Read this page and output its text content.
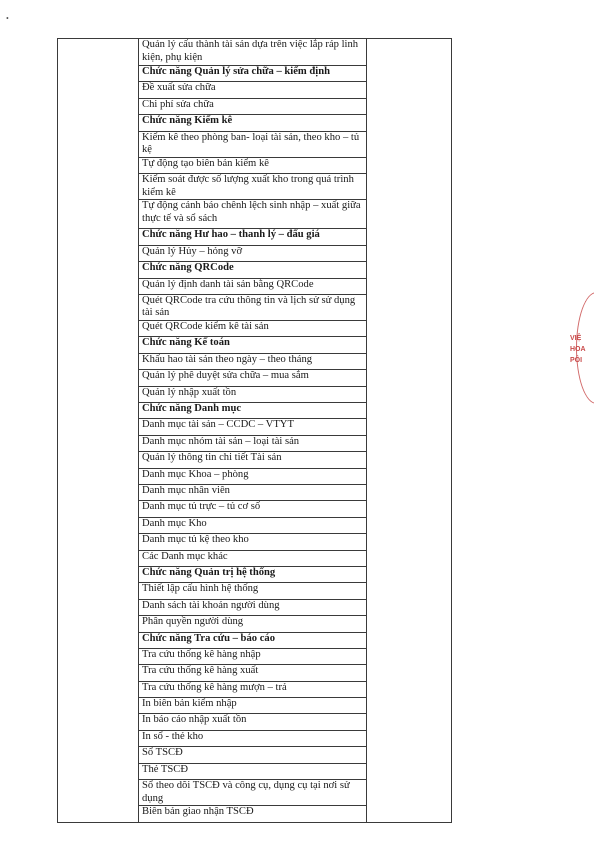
•

Quản lý cấu thành tài sản dựa trên việc lắp ráp linh kiện, phụ kiện

Chức năng Quản lý sửa chữa – kiểm định

Đề xuất sửa chữa

Chi phí sửa chữa

Chức năng Kiểm kê

Kiểm kê theo phòng ban- loại tài sản, theo kho – tủ kệ

Tự động tạo biên bản kiểm kê

Kiểm soát được số lượng xuất kho trong quá trình kiểm kê

Tự động cảnh báo chênh lệch sinh nhập – xuất giữa thực tế và sổ sách

Chức năng Hư hao – thanh lý – đấu giá

Quản lý Hủy – hỏng vỡ

Chức năng QRCode

Quản lý định danh tài sản bằng QRCode

Quét QRCode tra cứu thông tin và lịch sử sử dụng tài sản

Quét QRCode kiểm kê tài sản

Chức năng Kế toán

Khấu hao tài sản theo ngày – theo tháng

Quản lý phê duyệt sửa chữa – mua sắm

Quản lý nhập xuất tồn

Chức năng Danh mục

Danh mục tài sản – CCDC – VTYT

Danh mục nhóm tài sản – loại tài sản

Quản lý thông tin chi tiết Tài sản

Danh mục Khoa – phòng

Danh mục nhân viên

Danh mục tủ trực – tủ cơ số

Danh mục Kho

Danh mục tủ kệ theo kho

Các Danh mục khác

Chức năng Quản trị hệ thống

Thiết lập cấu hình hệ thống

Danh sách tài khoản người dùng

Phân quyền người dùng

Chức năng Tra cứu – báo cáo

Tra cứu thống kê hàng nhập

Tra cứu thống kê hàng xuất

Tra cứu thống kê hàng mượn – trả

In biên bản kiểm nhập

In báo cáo nhập xuất tồn

In sổ - thẻ kho

Sổ TSCĐ

Thẻ TSCĐ

Sổ theo dõi TSCĐ và công cụ, dụng cụ tại nơi sử dụng

Biên bản giao nhận TSCĐ
VIỆ
HOA
PÔI
